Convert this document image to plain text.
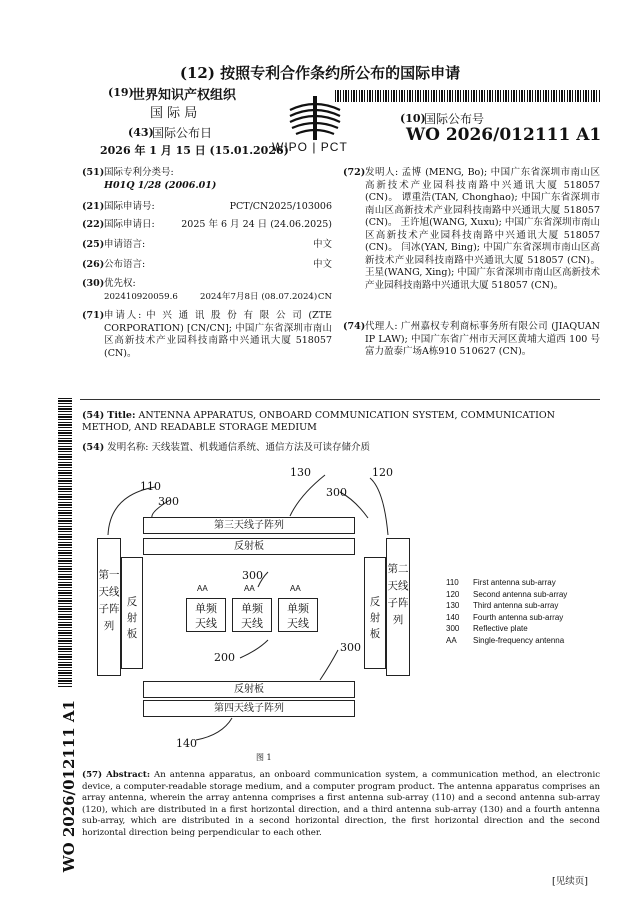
(12) 按照专利合作条约所公布的国际申请
(19)
世界知识产权组织
国 际 局
(43)
国际公布日
2026 年 1 月 15 日 (15.01.2026)
WIPO | PCT
(10)
国际公布号
WO 2026/012111 A1
(51) 国际专利分类号:
H01Q 1/28 (2006.01)
(21) 国际申请号:	PCT/CN2025/103006
(22) 国际申请日:	2025 年 6 月 24 日 (24.06.2025)
(25) 申请语言:	中文
(26) 公布语言:	中文
(30) 优先权:
202410920059.6	2024年7月8日 (08.07.2024) CN
(71) 申请人: 中 兴 通 讯 股 份 有 限 公 司 (ZTE CORPORATION) [CN/CN]; 中国广东省深圳市南山区高新技术产业园科技南路中兴通讯大厦 518057 (CN)。
(72) 发明人: 孟博 (MENG, Bo); 中国广东省深圳市南山区高新技术产业园科技南路中兴通讯大厦 518057 (CN)。 谭重浩(TAN, Chonghao); 中国广东省深圳市南山区高新技术产业园科技南路中兴通讯大厦 518057 (CN)。 王许旭(WANG, Xuxu); 中国广东省深圳市南山区高新技术产业园科技南路中兴通讯大厦 518057 (CN)。 闫冰(YAN, Bing); 中国广东省深圳市南山区高新技术产业园科技南路中兴通讯大厦 518057 (CN)。 王星(WANG, Xing); 中国广东省深圳市南山区高新技术产业园科技南路中兴通讯大厦 518057 (CN)。
(74) 代理人: 广州嘉权专利商标事务所有限公司 (JIAQUAN IP LAW); 中国广东省广州市天河区黄埔大道西 100 号富力盈泰广场A栋910 510627 (CN)。
WO 2026/012111 A1
(54) Title: ANTENNA APPARATUS, ONBOARD COMMUNICATION SYSTEM, COMMUNICATION METHOD, AND READABLE STORAGE MEDIUM
(54) 发明名称: 天线装置、机载通信系统、通信方法及可读存储介质
110
300
130	120
300
第三天线子阵列
反射板
第一天线子阵列
反射板
反射板
第二天线子阵列
300
AA	AA	AA
单频天线
单频天线
单频天线
200
300
反射板
第四天线子阵列
140
图 1
110 First antenna sub-array
120 Second antenna sub-array
130 Third antenna sub-array
140 Fourth antenna sub-array
300 Reflective plate
AA Single-frequency antenna
(57) Abstract: An antenna apparatus, an onboard communication system, a communication method, an electronic device, a computer-readable storage medium, and a computer program product. The antenna apparatus comprises an array antenna, wherein the array antenna comprises a first antenna sub-array (110) and a second antenna sub-array (120), which are distributed in a first horizontal direction, and a third antenna sub-array (130) and a fourth antenna sub-array, which are distributed in a second horizontal direction, the first horizontal direction and the second horizontal direction being perpendicular to each other.
[见续页]
